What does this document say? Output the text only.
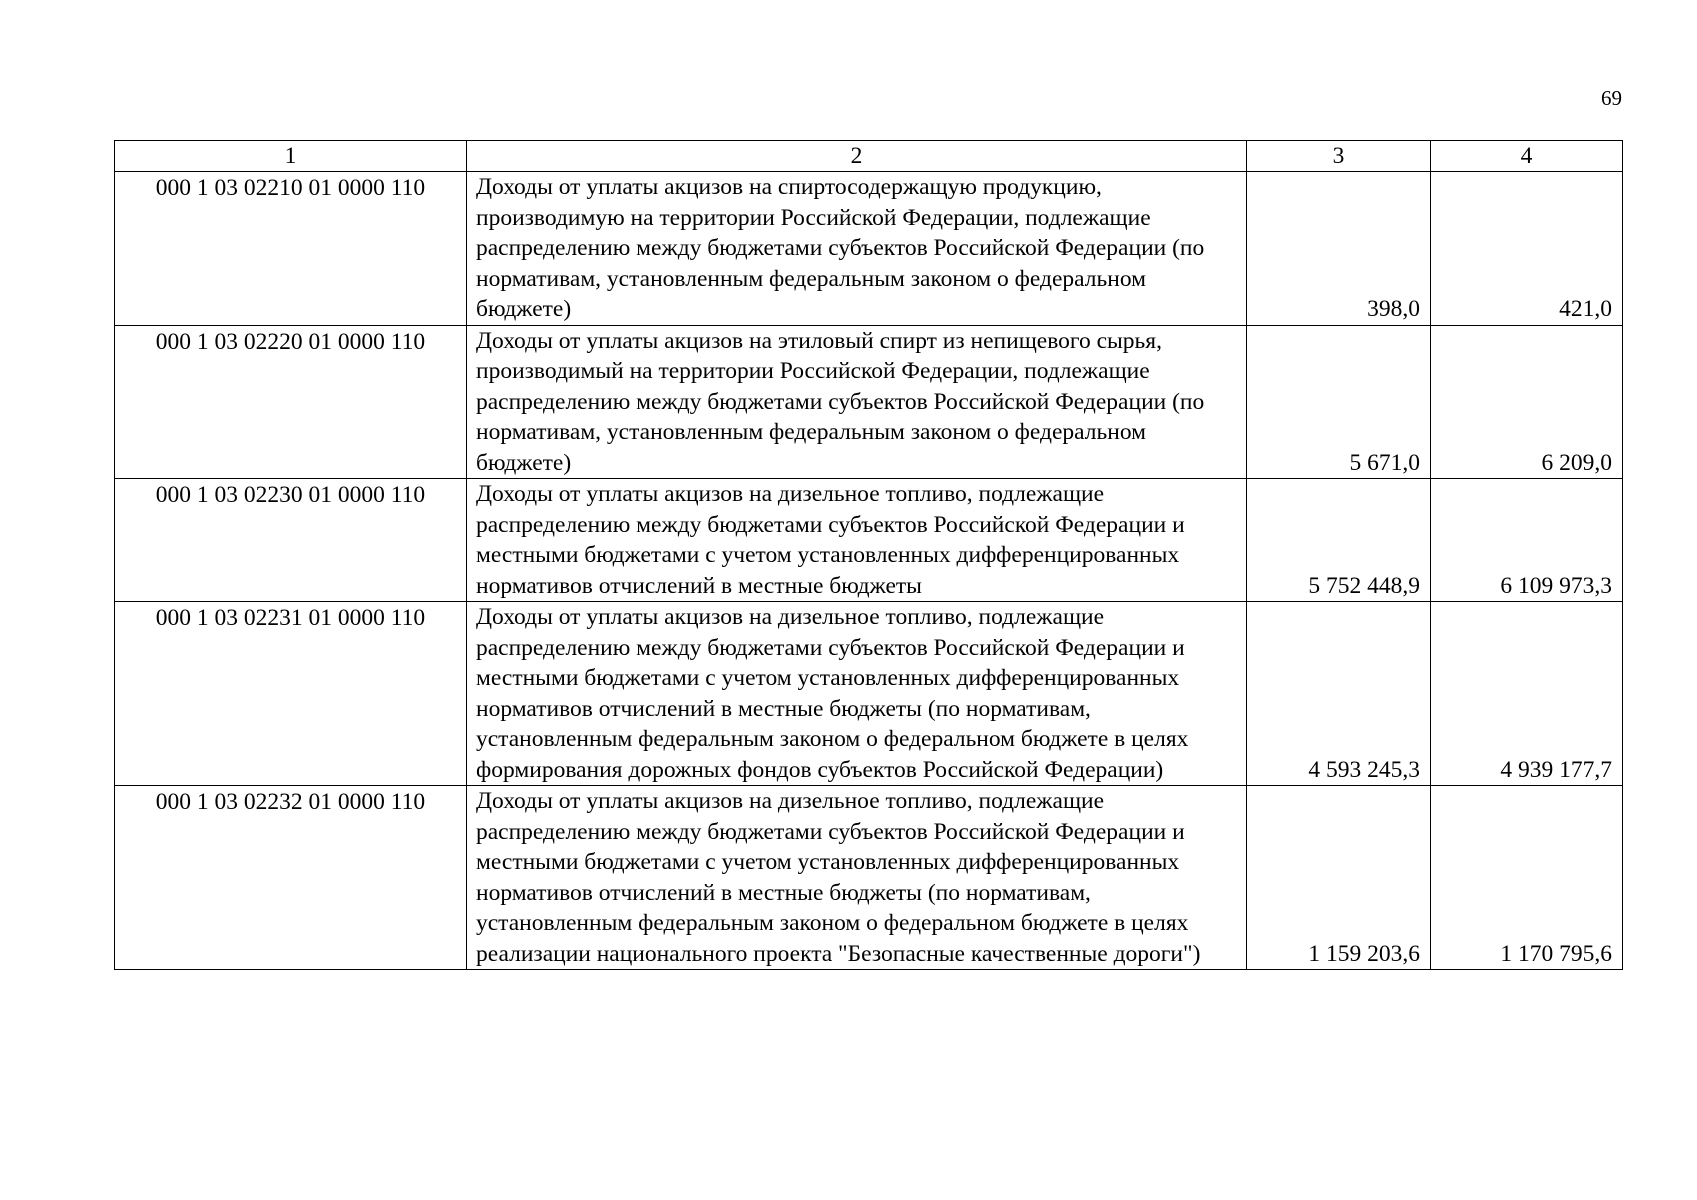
69
1	2	3	4
000 1 03 02210 01 0000 110	Доходы от уплаты акцизов на спиртосодержащую продукцию, производимую на территории Российской Федерации, подлежащие распределению между бюджетами субъектов Российской Федерации (по нормативам, установленным федеральным законом о федеральном бюджете)	398,0	421,0
000 1 03 02220 01 0000 110	Доходы от уплаты акцизов на этиловый спирт из непищевого сырья, производимый на территории Российской Федерации, подлежащие распределению между бюджетами субъектов Российской Федерации (по нормативам, установленным федеральным законом о федеральном бюджете)	5 671,0	6 209,0
000 1 03 02230 01 0000 110	Доходы от уплаты акцизов на дизельное топливо, подлежащие распределению между бюджетами субъектов Российской Федерации и местными бюджетами с учетом установленных дифференцированных нормативов отчислений в местные бюджеты	5 752 448,9	6 109 973,3
000 1 03 02231 01 0000 110	Доходы от уплаты акцизов на дизельное топливо, подлежащие распределению между бюджетами субъектов Российской Федерации и местными бюджетами с учетом установленных дифференцированных нормативов отчислений в местные бюджеты (по нормативам, установленным федеральным законом о федеральном бюджете в целях формирования дорожных фондов субъектов Российской Федерации)	4 593 245,3	4 939 177,7
000 1 03 02232 01 0000 110	Доходы от уплаты акцизов на дизельное топливо, подлежащие распределению между бюджетами субъектов Российской Федерации и местными бюджетами с учетом установленных дифференцированных нормативов отчислений в местные бюджеты (по нормативам, установленным федеральным законом о федеральном бюджете в целях реализации национального проекта "Безопасные качественные дороги")	1 159 203,6	1 170 795,6
